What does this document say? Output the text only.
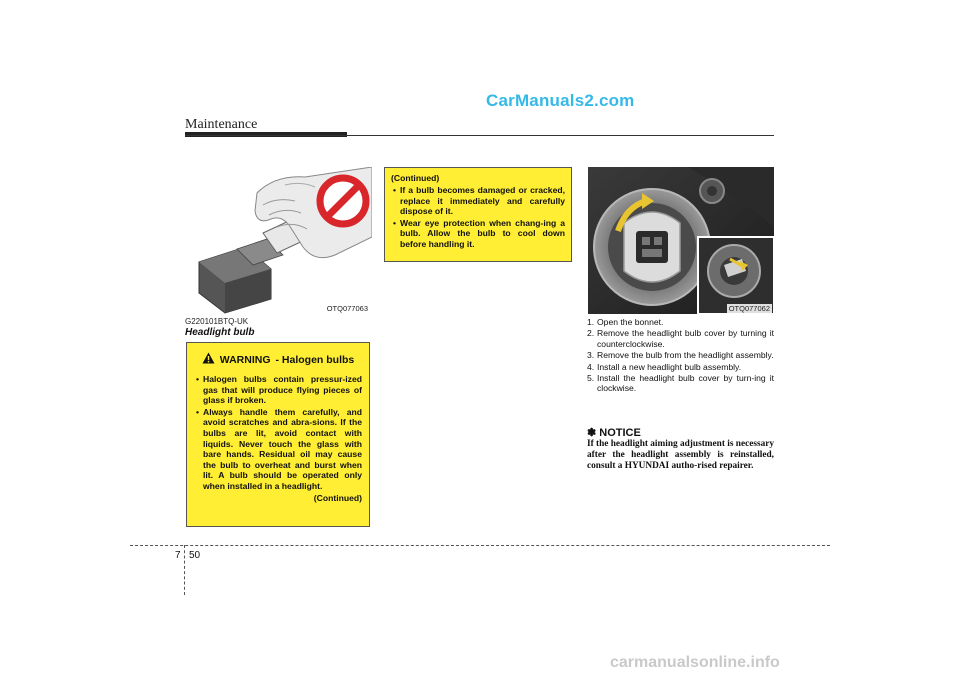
CarManuals2.com
Maintenance
OTQ077063
G220101BTQ-UK
Headlight bulb
WARNING - Halogen bulbs
• Halogen bulbs contain pressur-ized gas that will produce flying pieces of glass if broken.
• Always handle them carefully, and avoid scratches and abra-sions. If the bulbs are lit, avoid contact with liquids. Never touch the glass with bare hands. Residual oil may cause the bulb to overheat and burst when lit. A bulb should be operated only when installed in a headlight.
(Continued)
(Continued)
• If a bulb becomes damaged or cracked, replace it immediately and carefully dispose of it.
• Wear eye protection when chang-ing a bulb. Allow the bulb to cool down before handling it.
OTQ077062
1. Open the bonnet.
2. Remove the headlight bulb cover by turning it counterclockwise.
3. Remove the bulb from the headlight assembly.
4. Install a new headlight bulb assembly.
5. Install the headlight bulb cover by turn-ing it clockwise.
✽ NOTICE
If the headlight aiming adjustment is necessary after the headlight assembly is reinstalled, consult a HYUNDAI autho-rised repairer.
7 50
carmanualsonline.info
